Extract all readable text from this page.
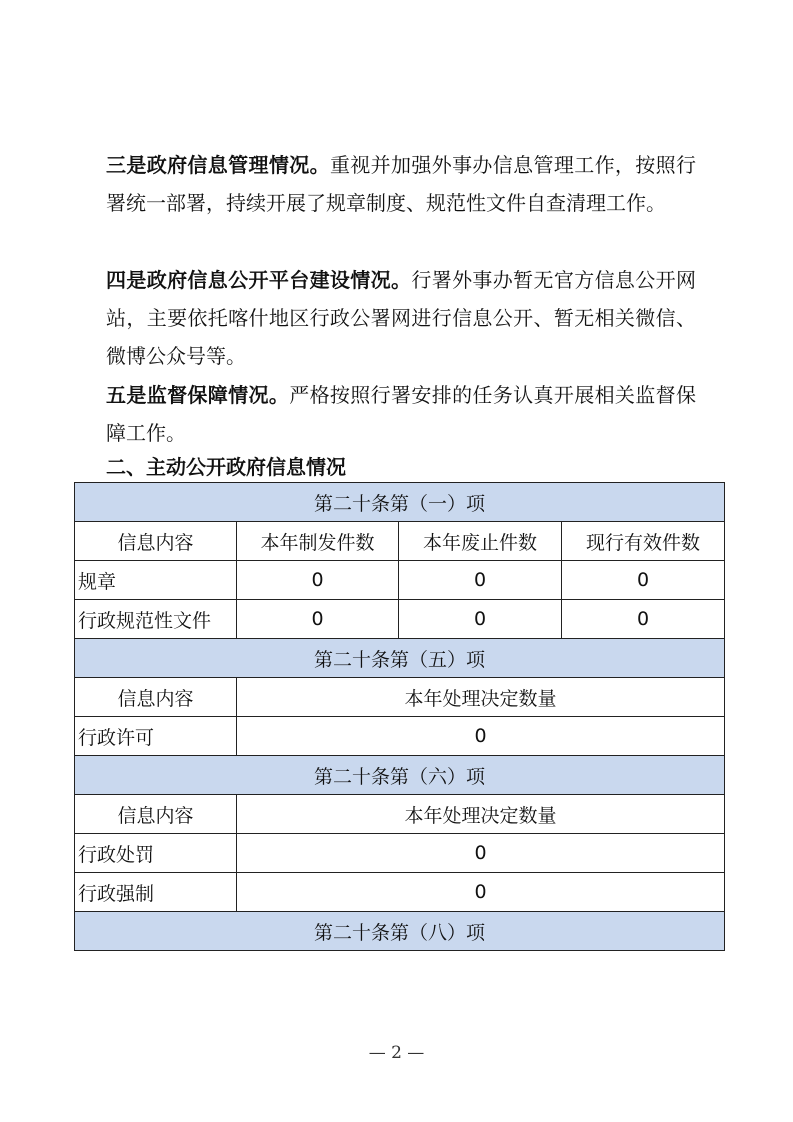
三是政府信息管理情况。重视并加强外事办信息管理工作，按照行署统一部署，持续开展了规章制度、规范性文件自查清理工作。

四是政府信息公开平台建设情况。行署外事办暂无官方信息公开网站，主要依托喀什地区行政公署网进行信息公开、暂无相关微信、微博公众号等。

五是监督保障情况。严格按照行署安排的任务认真开展相关监督保障工作。

二、主动公开政府信息情况
第二十条第（一）项			
信息内容	本年制发件数	本年废止件数	现行有效件数
规章	0	0	0
行政规范性文件	0	0	0
第二十条第（五）项			
信息内容	本年处理决定数量		
行政许可	0		
第二十条第（六）项			
信息内容	本年处理决定数量		
行政处罚	0		
行政强制	0		
第二十条第（八）项			
— 2 —
